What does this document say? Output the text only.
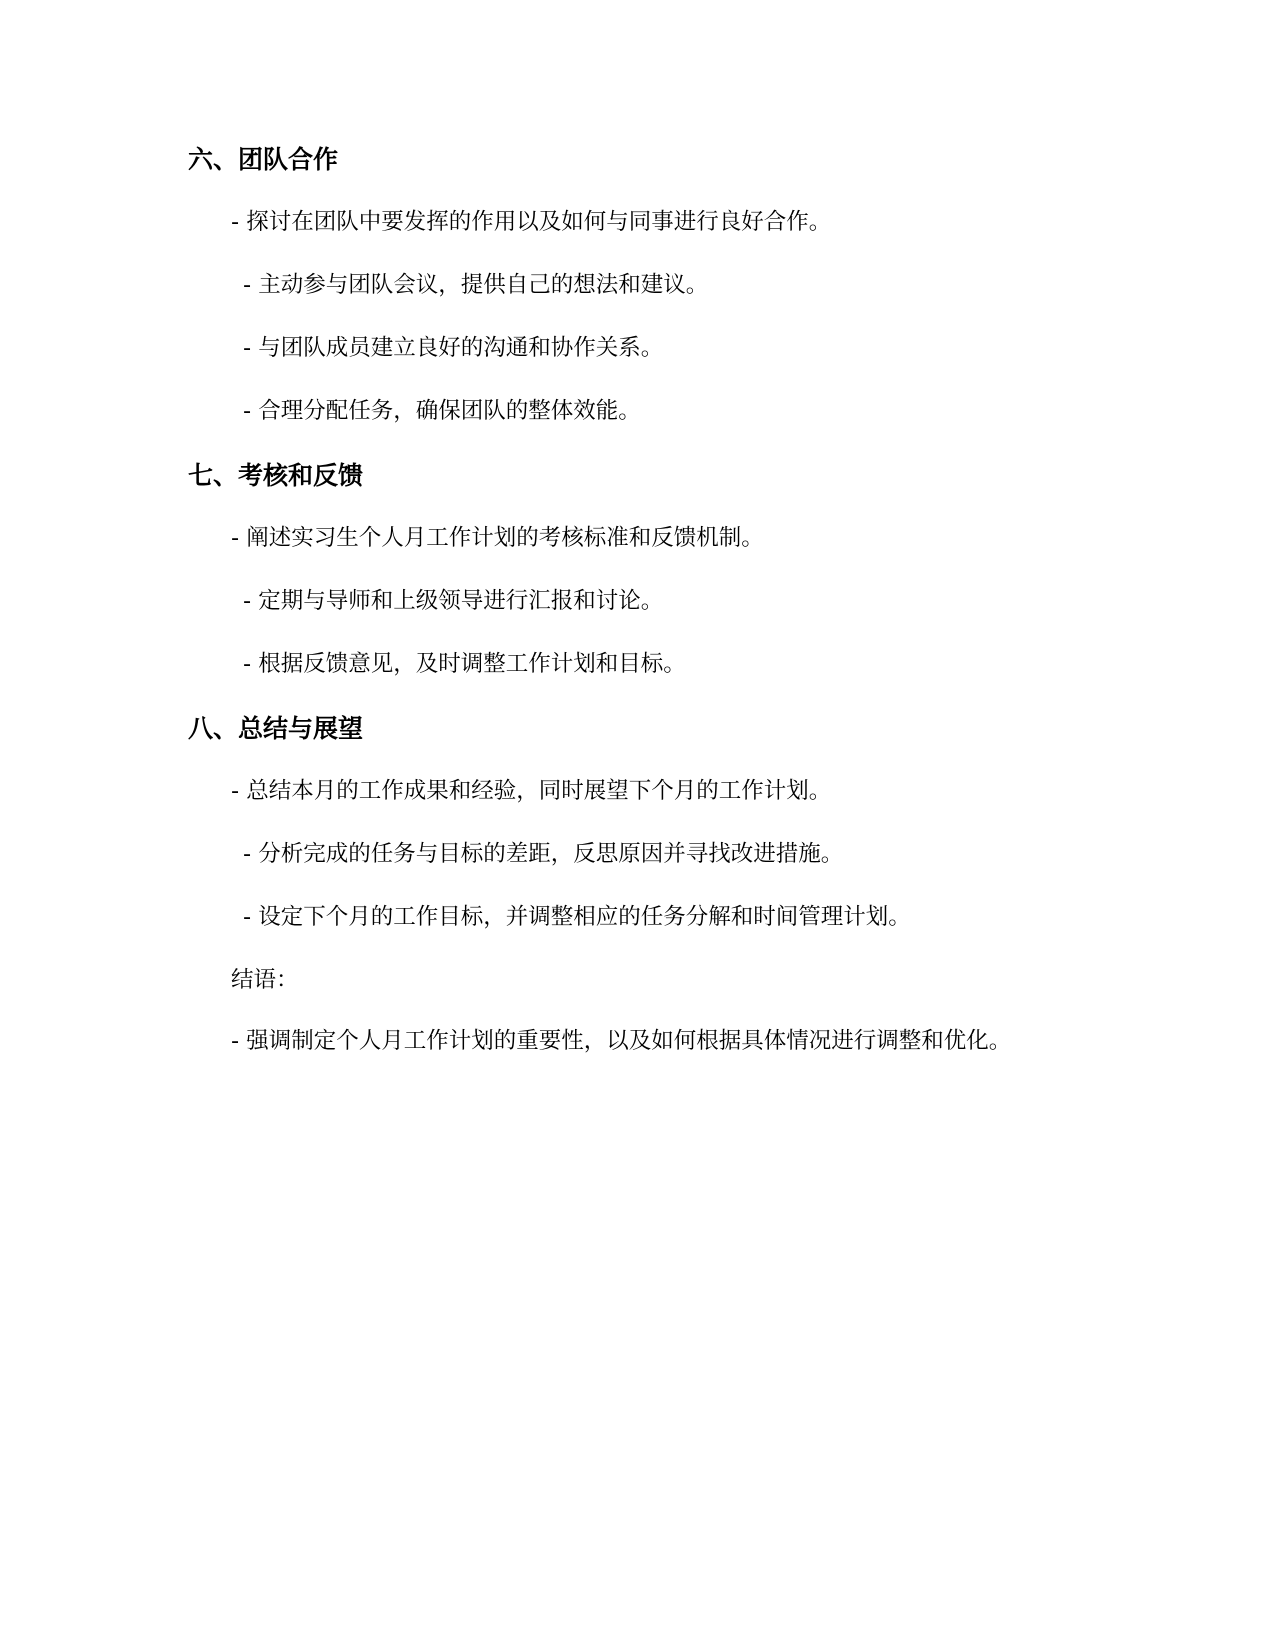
六、团队合作
- 探讨在团队中要发挥的作用以及如何与同事进行良好合作。
- 主动参与团队会议，提供自己的想法和建议。
- 与团队成员建立良好的沟通和协作关系。
- 合理分配任务，确保团队的整体效能。
七、考核和反馈
- 阐述实习生个人月工作计划的考核标准和反馈机制。
- 定期与导师和上级领导进行汇报和讨论。
- 根据反馈意见，及时调整工作计划和目标。
八、总结与展望
- 总结本月的工作成果和经验，同时展望下个月的工作计划。
- 分析完成的任务与目标的差距，反思原因并寻找改进措施。
- 设定下个月的工作目标，并调整相应的任务分解和时间管理计划。
结语：
- 强调制定个人月工作计划的重要性，以及如何根据具体情况进行调整和优化。
